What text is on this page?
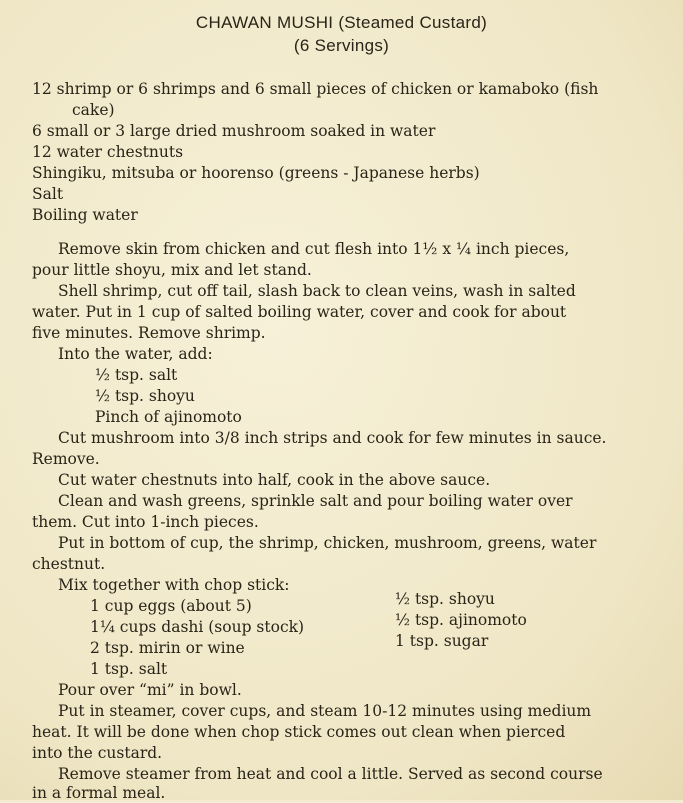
CHAWAN MUSHI (Steamed Custard)
(6 Servings)
12 shrimp or 6 shrimps and 6 small pieces of chicken or kamaboko (fish
cake)
6 small or 3 large dried mushroom soaked in water
12 water chestnuts
Shingiku, mitsuba or hoorenso (greens - Japanese herbs)
Salt
Boiling water
Remove skin from chicken and cut flesh into 1½ x ¼ inch pieces,
pour little shoyu, mix and let stand.
Shell shrimp, cut off tail, slash back to clean veins, wash in salted
water. Put in 1 cup of salted boiling water, cover and cook for about
five minutes. Remove shrimp.
Into the water, add:
½ tsp. salt
½ tsp. shoyu
Pinch of ajinomoto
Cut mushroom into 3/8 inch strips and cook for few minutes in sauce.
Remove.
Cut water chestnuts into half, cook in the above sauce.
Clean and wash greens, sprinkle salt and pour boiling water over
them. Cut into 1-inch pieces.
Put in bottom of cup, the shrimp, chicken, mushroom, greens, water
chestnut.
Mix together with chop stick:
1 cup eggs (about 5)
1¼ cups dashi (soup stock)
2 tsp. mirin or wine
1 tsp. salt
½ tsp. shoyu
½ tsp. ajinomoto
1 tsp. sugar
Pour over “mi” in bowl.
Put in steamer, cover cups, and steam 10-12 minutes using medium
heat. It will be done when chop stick comes out clean when pierced
into the custard.
Remove steamer from heat and cool a little. Served as second course
in a formal meal.
